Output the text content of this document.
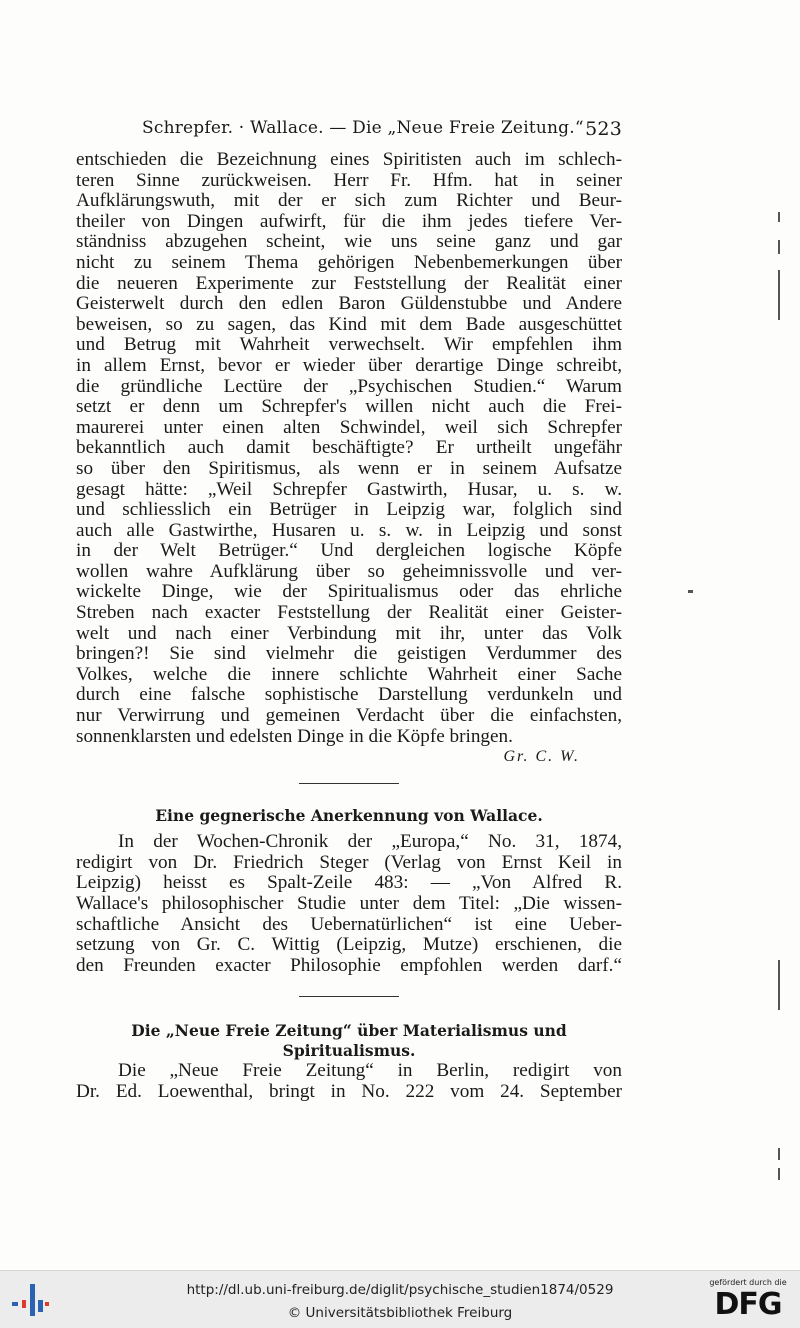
Schrepfer. · Wallace. — Die „Neue Freie Zeitung.“ 523
entschieden die Bezeichnung eines Spiritisten auch im schlech-
teren Sinne zurückweisen. Herr Fr. Hfm. hat in seiner
Aufklärungswuth, mit der er sich zum Richter und Beur-
theiler von Dingen aufwirft, für die ihm jedes tiefere Ver-
ständniss abzugehen scheint, wie uns seine ganz und gar
nicht zu seinem Thema gehörigen Nebenbemerkungen über
die neueren Experimente zur Feststellung der Realität einer
Geisterwelt durch den edlen Baron Güldenstubbe und Andere
beweisen, so zu sagen, das Kind mit dem Bade ausgeschüttet
und Betrug mit Wahrheit verwechselt. Wir empfehlen ihm
in allem Ernst, bevor er wieder über derartige Dinge schreibt,
die gründliche Lectüre der „Psychischen Studien.“ Warum
setzt er denn um Schrepfer's willen nicht auch die Frei-
maurerei unter einen alten Schwindel, weil sich Schrepfer
bekanntlich auch damit beschäftigte? Er urtheilt ungefähr
so über den Spiritismus, als wenn er in seinem Aufsatze
gesagt hätte: „Weil Schrepfer Gastwirth, Husar, u. s. w.
und schliesslich ein Betrüger in Leipzig war, folglich sind
auch alle Gastwirthe, Husaren u. s. w. in Leipzig und sonst
in der Welt Betrüger.“ Und dergleichen logische Köpfe
wollen wahre Aufklärung über so geheimnissvolle und ver-
wickelte Dinge, wie der Spiritualismus oder das ehrliche
Streben nach exacter Feststellung der Realität einer Geister-
welt und nach einer Verbindung mit ihr, unter das Volk
bringen?! Sie sind vielmehr die geistigen Verdummer des
Volkes, welche die innere schlichte Wahrheit einer Sache
durch eine falsche sophistische Darstellung verdunkeln und
nur Verwirrung und gemeinen Verdacht über die einfachsten,
sonnenklarsten und edelsten Dinge in die Köpfe bringen.
Gr. C. W.
Eine gegnerische Anerkennung von Wallace.
In der Wochen-Chronik der „Europa,“ No. 31, 1874,
redigirt von Dr. Friedrich Steger (Verlag von Ernst Keil in
Leipzig) heisst es Spalt-Zeile 483: — „Von Alfred R.
Wallace's philosophischer Studie unter dem Titel: „Die wissen-
schaftliche Ansicht des Uebernatürlichen“ ist eine Ueber-
setzung von Gr. C. Wittig (Leipzig, Mutze) erschienen, die
den Freunden exacter Philosophie empfohlen werden darf.“
Die „Neue Freie Zeitung“ über Materialismus und
Spiritualismus.
Die „Neue Freie Zeitung“ in Berlin, redigirt von
Dr. Ed. Loewenthal, bringt in No. 222 vom 24. September
http://dl.ub.uni-freiburg.de/diglit/psychische_studien1874/0529
© Universitätsbibliothek Freiburg
gefördert durch die
DFG
